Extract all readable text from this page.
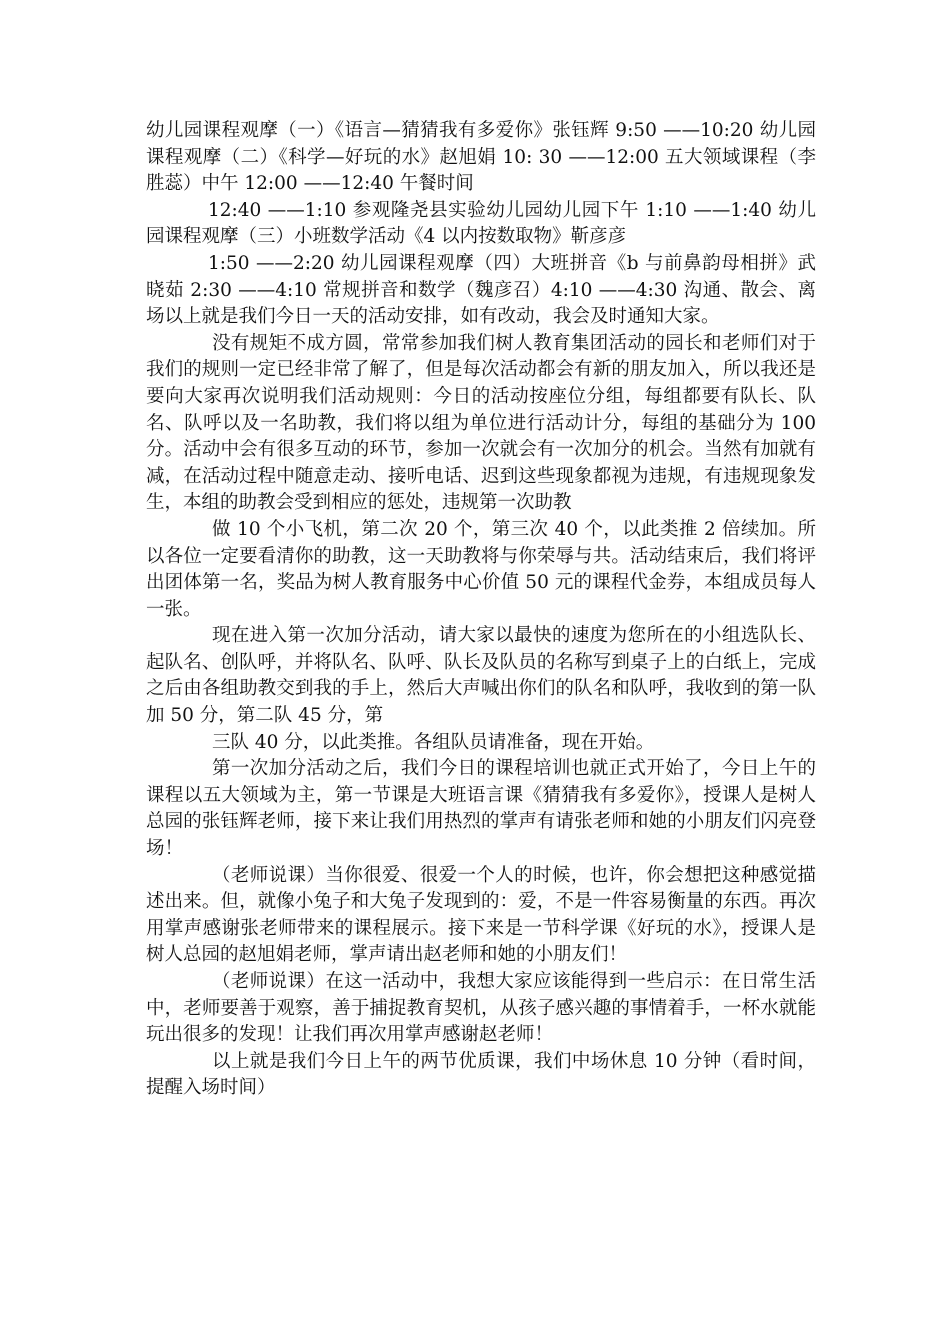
幼儿园课程观摩（一）《语言—猜猜我有多爱你》张钰辉 9:50 ——10:20 幼儿园课程观摩（二）《科学—好玩的水》赵旭娟 10: 30 ——12:00 五大领域课程（李胜蕊）中午 12:00 ——12:40 午餐时间

12:40 ——1:10 参观隆尧县实验幼儿园幼儿园下午 1:10 ——1:40 幼儿园课程观摩（三）小班数学活动《4 以内按数取物》靳彦彦

1:50 ——2:20 幼儿园课程观摩（四）大班拼音《b 与前鼻韵母相拼》武晓茹 2:30 ——4:10 常规拼音和数学（魏彦召）4:10 ——4:30 沟通、散会、离场以上就是我们今日一天的活动安排，如有改动，我会及时通知大家。

没有规矩不成方圆，常常参加我们树人教育集团活动的园长和老师们对于我们的规则一定已经非常了解了，但是每次活动都会有新的朋友加入，所以我还是要向大家再次说明我们活动规则：今日的活动按座位分组，每组都要有队长、队名、队呼以及一名助教，我们将以组为单位进行活动计分，每组的基础分为 100 分。活动中会有很多互动的环节，参加一次就会有一次加分的机会。当然有加就有减，在活动过程中随意走动、接听电话、迟到这些现象都视为违规，有违规现象发生，本组的助教会受到相应的惩处，违规第一次助教

做 10 个小飞机，第二次 20 个，第三次 40 个，以此类推 2 倍续加。所以各位一定要看清你的助教，这一天助教将与你荣辱与共。活动结束后，我们将评出团体第一名，奖品为树人教育服务中心价值 50 元的课程代金券，本组成员每人一张。

现在进入第一次加分活动，请大家以最快的速度为您所在的小组选队长、起队名、创队呼，并将队名、队呼、队长及队员的名称写到桌子上的白纸上，完成之后由各组助教交到我的手上，然后大声喊出你们的队名和队呼，我收到的第一队加 50 分，第二队 45 分，第

三队 40 分，以此类推。各组队员请准备，现在开始。

第一次加分活动之后，我们今日的课程培训也就正式开始了，今日上午的课程以五大领域为主，第一节课是大班语言课《猜猜我有多爱你》，授课人是树人总园的张钰辉老师，接下来让我们用热烈的掌声有请张老师和她的小朋友们闪亮登场！

（老师说课）当你很爱、很爱一个人的时候，也许，你会想把这种感觉描述出来。但，就像小兔子和大兔子发现到的：爱，不是一件容易衡量的东西。再次用掌声感谢张老师带来的课程展示。接下来是一节科学课《好玩的水》，授课人是树人总园的赵旭娟老师，掌声请出赵老师和她的小朋友们！

（老师说课）在这一活动中，我想大家应该能得到一些启示：在日常生活中，老师要善于观察，善于捕捉教育契机，从孩子感兴趣的事情着手，一杯水就能玩出很多的发现！让我们再次用掌声感谢赵老师！

以上就是我们今日上午的两节优质课，我们中场休息 10 分钟（看时间，提醒入场时间）
